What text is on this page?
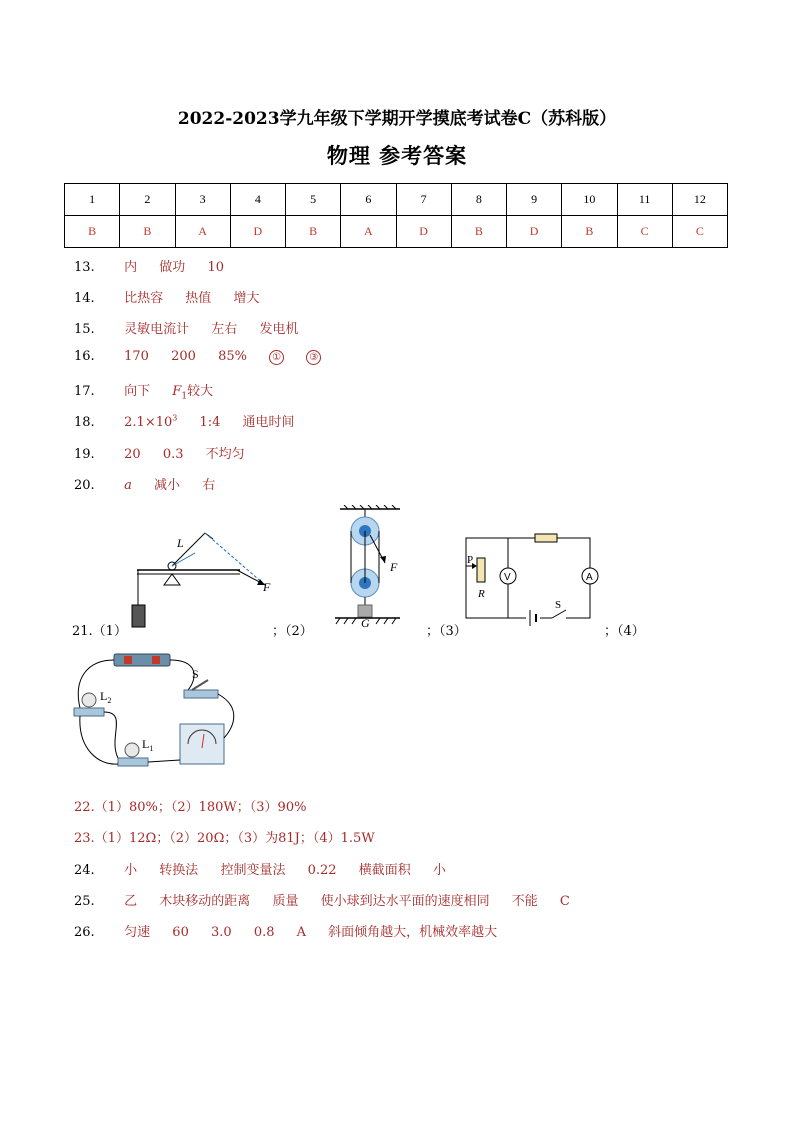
2022-2023学九年级下学期开学摸底考试卷C（苏科版）
物理 参考答案
1	2	3	4	5	6	7	8	9	10	11	12
B	B	A	D	B	A	D	B	D	B	C	C
13. 内 做功 10
14. 比热容 热值 增大
15. 灵敏电流计 左右 发电机
16. 170 200 85%	①	③
17. 向下 $F_1$较大
18. $2.1\times 10^3$ 1:4 通电时间
19. 20 0.3 不均匀
20. a 减小 右
21.（1）	；（2）	；（3）	；（4）
L
F
F
G
P
R
V	A
S
$L_2$
S
$L_1$
22.（1）80%；（2）180W；（3）90%
23.（1）12Ω；（2）20Ω；（3）为81J；（4）1.5W
24. 小 转换法 控制变量法 0.22 横截面积 小
25. 乙 木块移动的距离 质量 使小球到达水平面的速度相同 不能 C
26. 匀速 60 3.0 0.8 A 斜面倾角越大，机械效率越大
